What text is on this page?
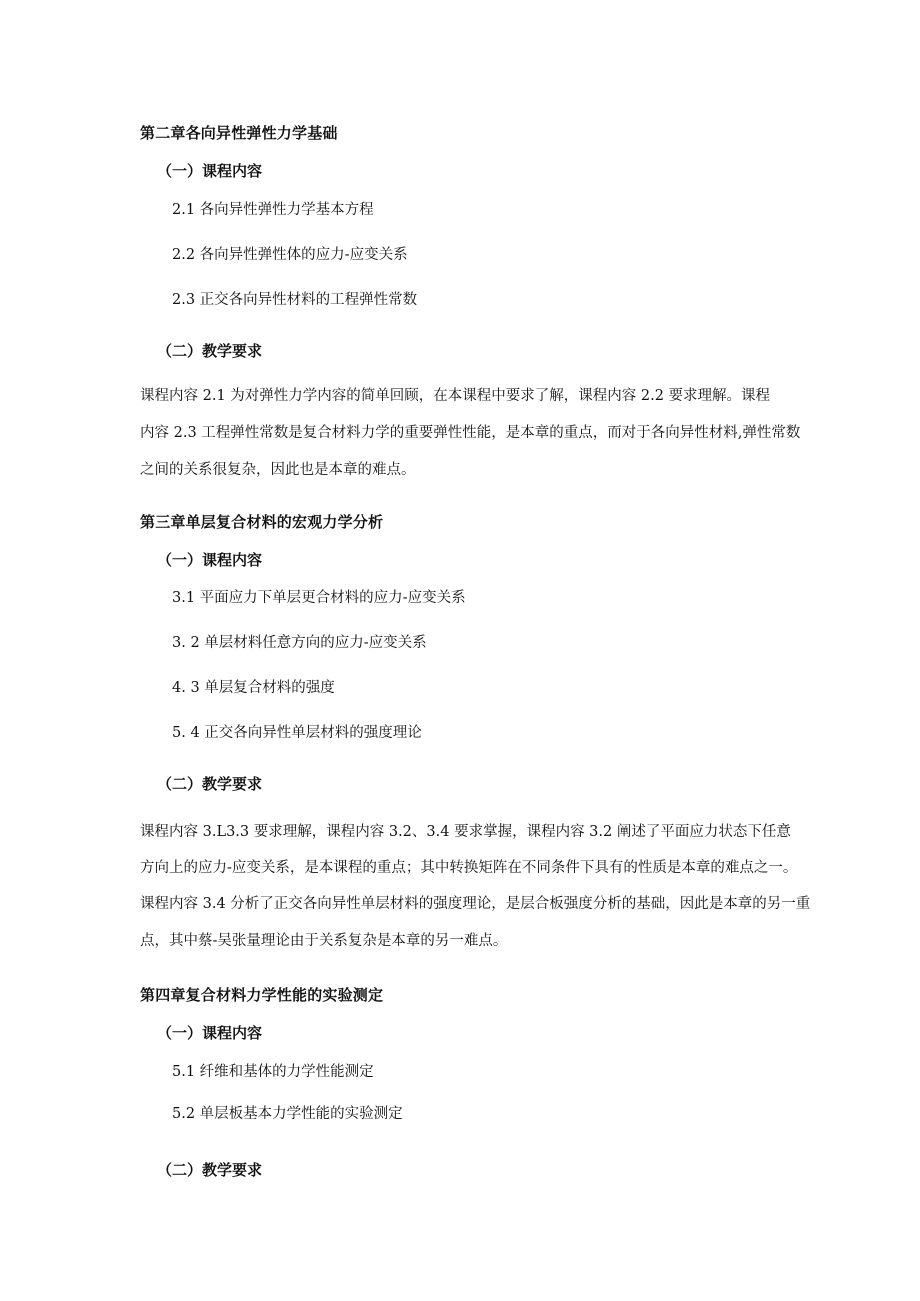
第二章各向异性弹性力学基础
（一）课程内容
2.1 各向异性弹性力学基本方程
2.2 各向异性弹性体的应力-应变关系
2.3 正交各向异性材料的工程弹性常数
（二）教学要求
课程内容 2.1 为对弹性力学内容的简单回顾，在本课程中要求了解，课程内容 2.2 要求理解。课程
内容 2.3 工程弹性常数是复合材料力学的重要弹性性能，是本章的重点，而对于各向异性材料,弹性常数
之间的关系很复杂，因此也是本章的难点。
第三章单层复合材料的宏观力学分析
（一）课程内容
3.1 平面应力下单层更合材料的应力-应变关系
3. 2 单层材料任意方向的应力-应变关系
4. 3 单层复合材料的强度
5. 4 正交各向异性单层材料的强度理论
（二）教学要求
课程内容 3.L3.3 要求理解，课程内容 3.2、3.4 要求掌握，课程内容 3.2 阐述了平面应力状态下任意
方向上的应力-应变关系，是本课程的重点；其中转换矩阵在不同条件下具有的性质是本章的难点之一。
课程内容 3.4 分析了正交各向异性单层材料的强度理论，是层合板强度分析的基础，因此是本章的另一重
点，其中蔡-吴张量理论由于关系复杂是本章的另一难点。
第四章复合材料力学性能的实验测定
（一）课程内容
5.1 纤维和基体的力学性能测定
5.2 单层板基本力学性能的实验测定
（二）教学要求
